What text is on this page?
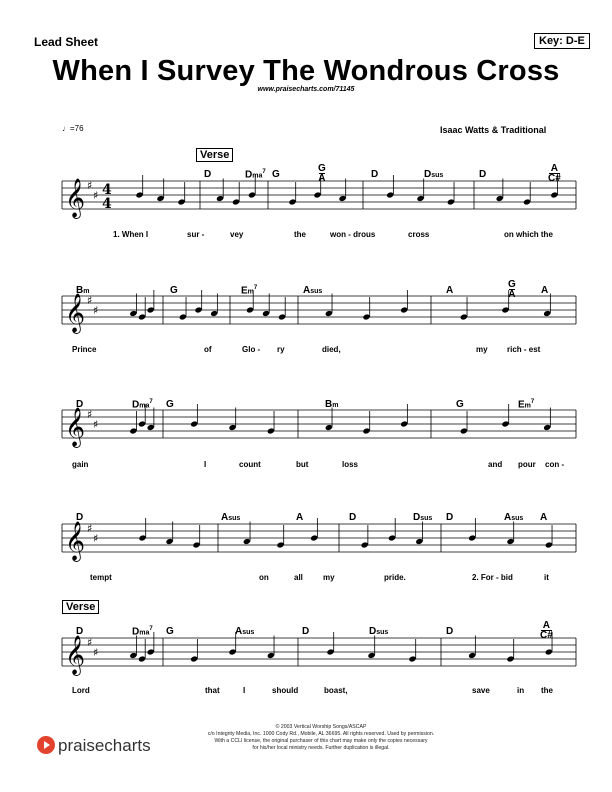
Lead Sheet	Key: D-E
When I Survey The Wondrous Cross
www.praisecharts.com/71145
♩=76	Isaac Watts & Traditional
Verse
Verse
𝄞 ♯
♯
𝄞 ♯
♯
𝄞 ♯
♯
𝄞 ♯
♯
𝄞 ♯
♯
4
4
D	Dma$^7$ G
G
A	D	Dsus	D
A
C#
1. When I	sur -	vey	the	won - drous	cross	on which the
Bm	G	Em$^7$	Asus	A
G
A	A
Prince	of	Glo - ry	died,	my rich - est
D	Dma$^7$ G	Bm	G	Em$^7$
gain	I	count	but	loss	and pour con -
D	Asus	A	D	Dsus D	Asus A
tempt	on	all	my	pride.	2. For - bid	it
D	Dma$^7$ G	Asus	D	Dsus	D
A
C#
Lord	that	I	should	boast,	save	in the
praisecharts
© 2003 Vertical Worship Songs/ASCAP
c/o Integrity Media, Inc. 1000 Cody Rd., Mobile, AL 36695. All rights reserved. Used by permission.
With a CCLI license, the original purchaser of this chart may make only the copies necessary
for his/her local ministry needs. Further duplication is illegal.
